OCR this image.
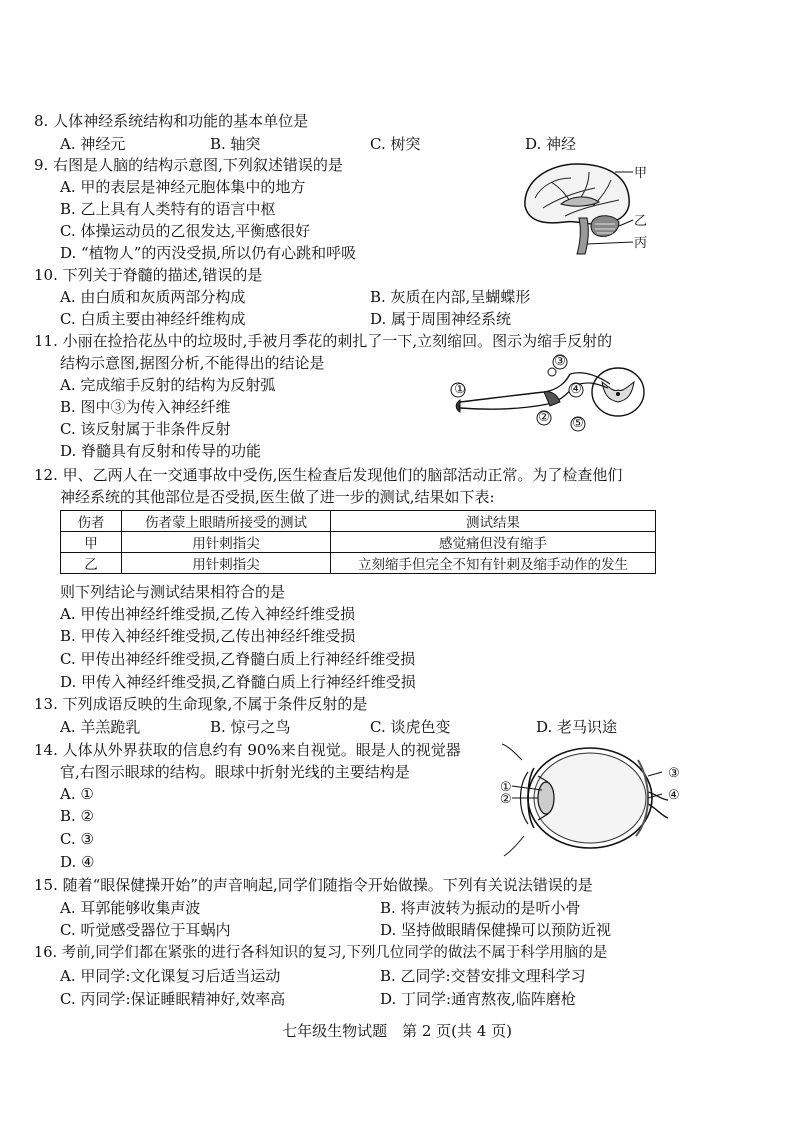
8. 人体神经系统结构和功能的基本单位是
A. 神经元	B. 轴突	C. 树突	D. 神经
9. 右图是人脑的结构示意图,下列叙述错误的是
A. 甲的表层是神经元胞体集中的地方
B. 乙上具有人类特有的语言中枢
C. 体操运动员的乙很发达,平衡感很好
D. “植物人”的丙没受损,所以仍有心跳和呼吸
甲
乙
丙
10. 下列关于脊髓的描述,错误的是
A. 由白质和灰质两部分构成	B. 灰质在内部,呈蝴蝶形
C. 白质主要由神经纤维构成	D. 属于周围神经系统
11. 小丽在捡拾花丛中的垃圾时,手被月季花的刺扎了一下,立刻缩回。图示为缩手反射的
结构示意图,据图分析,不能得出的结论是
A. 完成缩手反射的结构为反射弧
B. 图中③为传入神经纤维
C. 该反射属于非条件反射
D. 脊髓具有反射和传导的功能
①
②
③
④
⑤
12. 甲、乙两人在一交通事故中受伤,医生检查后发现他们的脑部活动正常。为了检查他们
神经系统的其他部位是否受损,医生做了进一步的测试,结果如下表:
伤者	伤者蒙上眼睛所接受的测试	测试结果
甲	用针刺指尖	感觉痛但没有缩手
乙	用针刺指尖	立刻缩手但完全不知有针刺及缩手动作的发生
则下列结论与测试结果相符合的是
A. 甲传出神经纤维受损,乙传入神经纤维受损
B. 甲传入神经纤维受损,乙传出神经纤维受损
C. 甲传出神经纤维受损,乙脊髓白质上行神经纤维受损
D. 甲传入神经纤维受损,乙脊髓白质上行神经纤维受损
13. 下列成语反映的生命现象,不属于条件反射的是
A. 羊羔跪乳	B. 惊弓之鸟	C. 谈虎色变	D. 老马识途
14. 人体从外界获取的信息约有 90%来自视觉。眼是人的视觉器
官,右图示眼球的结构。眼球中折射光线的主要结构是
A. ①
B. ②
C. ③
D. ④
①
②
③
④
15. 随着“眼保健操开始”的声音响起,同学们随指令开始做操。下列有关说法错误的是
A. 耳郭能够收集声波	B. 将声波转为振动的是听小骨
C. 听觉感受器位于耳蜗内	D. 坚持做眼睛保健操可以预防近视
16. 考前,同学们都在紧张的进行各科知识的复习,下列几位同学的做法不属于科学用脑的是
A. 甲同学:文化课复习后适当运动	B. 乙同学:交替安排文理科学习
C. 丙同学:保证睡眠精神好,效率高	D. 丁同学:通宵熬夜,临阵磨枪
七年级生物试题　第 2 页(共 4 页)
